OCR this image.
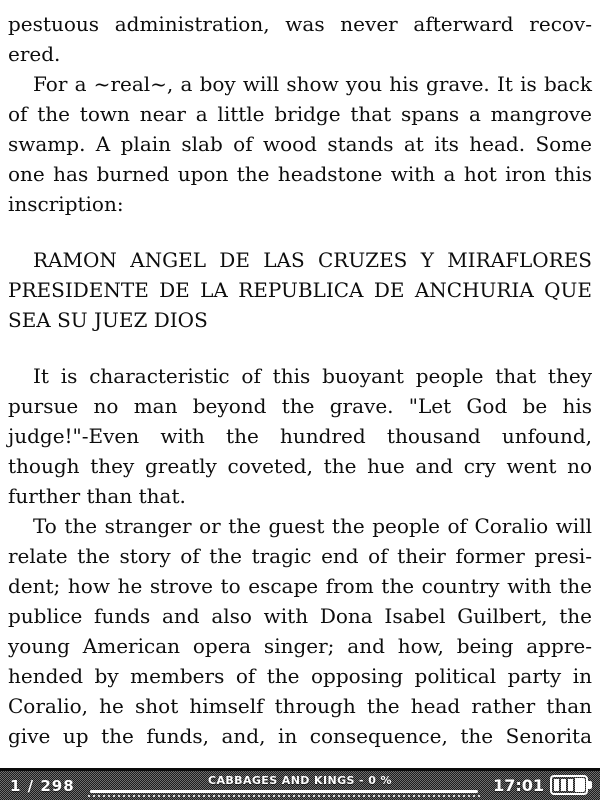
pestuous administration, was never afterward recov-
ered.
For a ~real~, a boy will show you his grave. It is back
of the town near a little bridge that spans a mangrove
swamp. A plain slab of wood stands at its head. Some
one has burned upon the headstone with a hot iron this
inscription:
RAMON ANGEL DE LAS CRUZES Y MIRAFLORES
PRESIDENTE DE LA REPUBLICA DE ANCHURIA QUE
SEA SU JUEZ DIOS
It is characteristic of this buoyant people that they
pursue no man beyond the grave. "Let God be his
judge!"-Even with the hundred thousand unfound,
though they greatly coveted, the hue and cry went no
further than that.
To the stranger or the guest the people of Coralio will
relate the story of the tragic end of their former presi-
dent; how he strove to escape from the country with the
publice funds and also with Dona Isabel Guilbert, the
young American opera singer; and how, being appre-
hended by members of the opposing political party in
Coralio, he shot himself through the head rather than
give up the funds, and, in consequence, the Senorita
1 / 298	CABBAGES AND KINGS - 0 %	17:01
